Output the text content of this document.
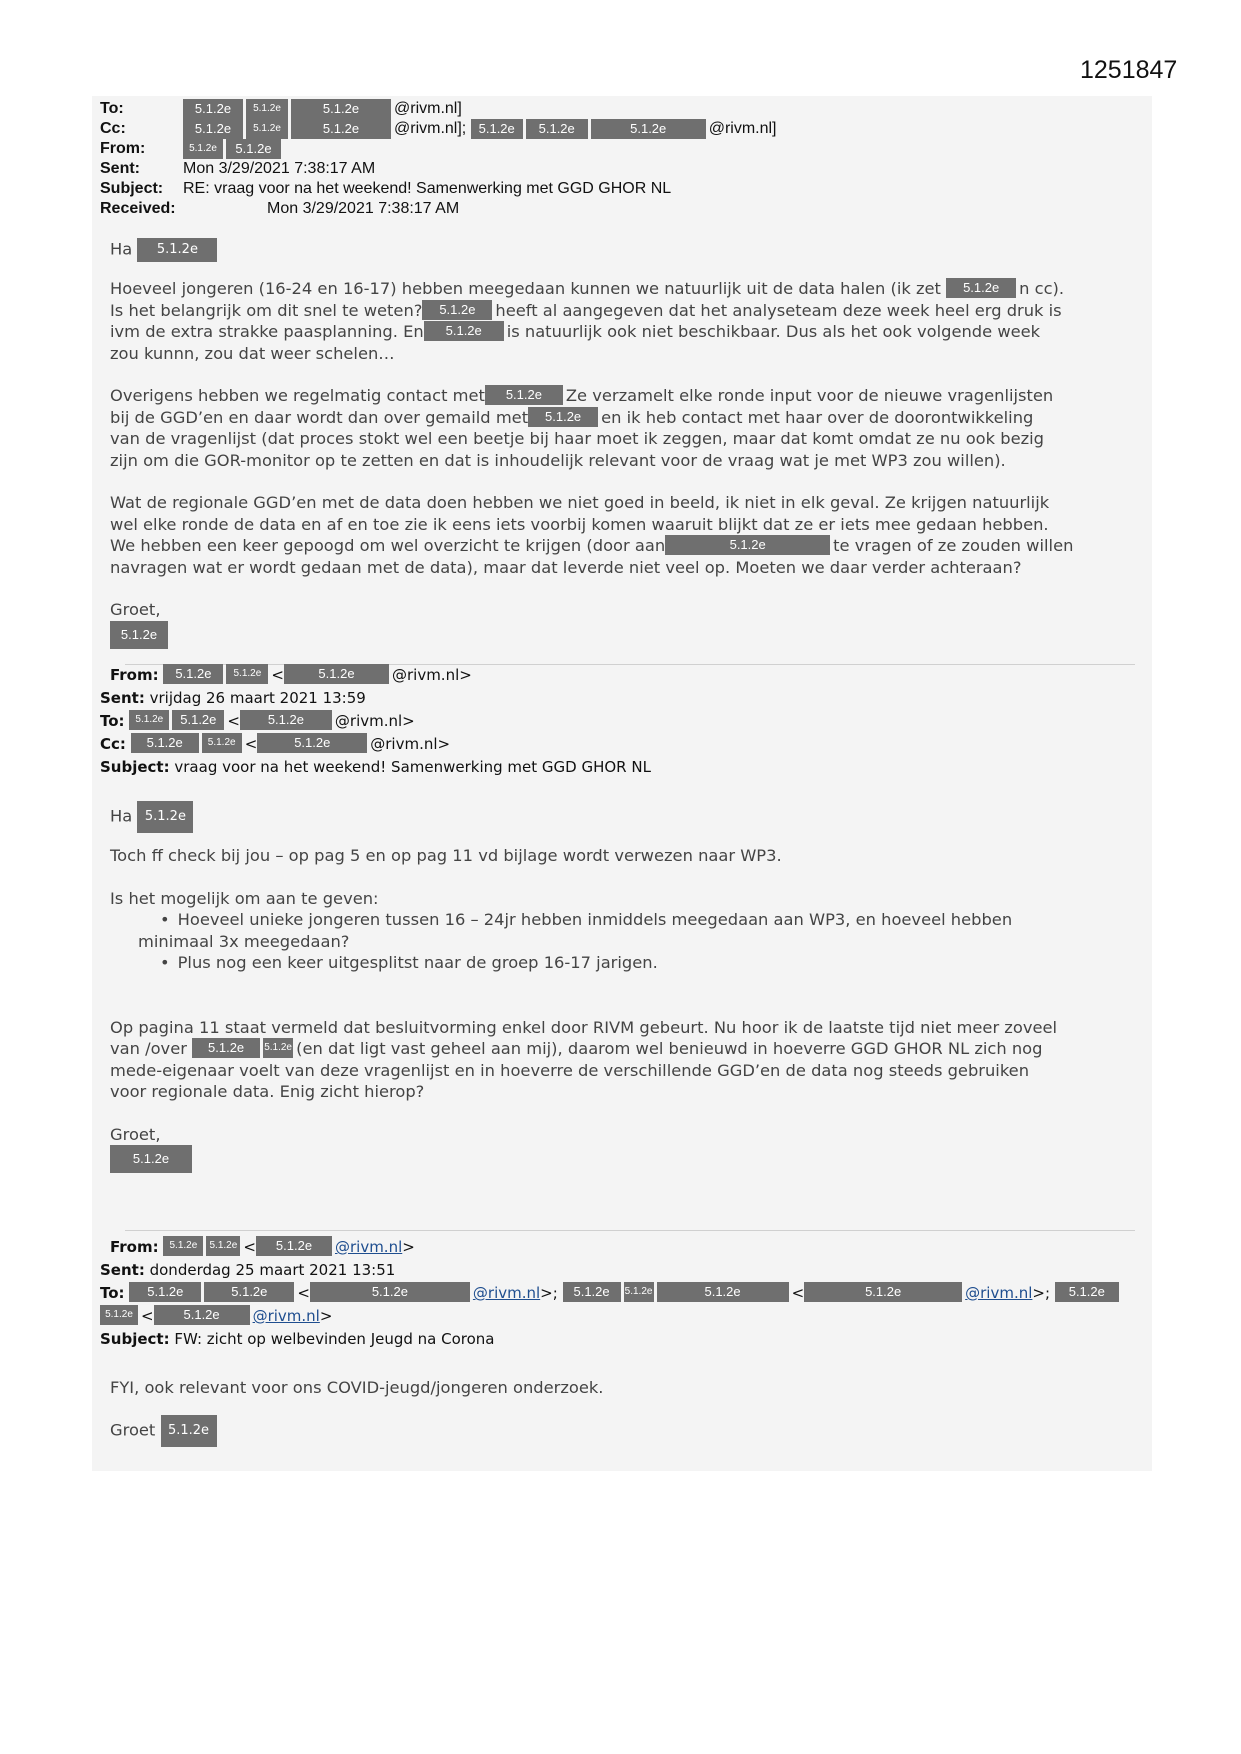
1251847
To:	5.1.2e 5.1.2e	5.1.2e @rivm.nl]
Cc:	5.1.2e 5.1.2e	5.1.2e @rivm.nl]; 5.1.2e 5.1.2e	5.1.2e	@rivm.nl]
From:	5.1.2e 5.1.2e
Sent:	Mon 3/29/2021 7:38:17 AM
Subject: RE: vraag voor na het weekend! Samenwerking met GGD GHOR NL
Received:	Mon 3/29/2021 7:38:17 AM

Ha 5.1.2e

Hoeveel jongeren (16-24 en 16-17) hebben meegedaan kunnen we natuurlijk uit de data halen (ik zet 5.1.2e n cc).
Is het belangrijk om dit snel te weten? 5.1.2e heeft al aangegeven dat het analyseteam deze week heel erg druk is
ivm de extra strakke paasplanning. En 5.1.2e is natuurlijk ook niet beschikbaar. Dus als het ook volgende week
zou kunnn, zou dat weer schelen…

Overigens hebben we regelmatig contact met 5.1.2e Ze verzamelt elke ronde input voor de nieuwe vragenlijsten
bij de GGD’en en daar wordt dan over gemaild met 5.1.2e en ik heb contact met haar over de doorontwikkeling
van de vragenlijst (dat proces stokt wel een beetje bij haar moet ik zeggen, maar dat komt omdat ze nu ook bezig
zijn om die GOR-monitor op te zetten en dat is inhoudelijk relevant voor de vraag wat je met WP3 zou willen).

Wat de regionale GGD’en met de data doen hebben we niet goed in beeld, ik niet in elk geval. Ze krijgen natuurlijk
wel elke ronde de data en af en toe zie ik eens iets voorbij komen waaruit blijkt dat ze er iets mee gedaan hebben.
We hebben een keer gepoogd om wel overzicht te krijgen (door aan	5.1.2e	te vragen of ze zouden willen
navragen wat er wordt gedaan met de data), maar dat leverde niet veel op. Moeten we daar verder achteraan?

Groet,

5.1.2e

From: 5.1.2e 5.1.2e <	5.1.2e @rivm.nl>
Sent: vrijdag 26 maart 2021 13:59
To: 5.1.2e 5.1.2e < 5.1.2e @rivm.nl>
Cc: 5.1.2e	5.1.2e <	5.1.2e	@rivm.nl>
Subject: vraag voor na het weekend! Samenwerking met GGD GHOR NL

Ha 5.1.2e

Toch ff check bij jou – op pag 5 en op pag 11 vd bijlage wordt verwezen naar WP3.

Is het mogelijk om aan te geven:

• Hoeveel unieke jongeren tussen 16 – 24jr hebben inmiddels meegedaan aan WP3, en hoeveel hebben
minimaal 3x meegedaan?
• Plus nog een keer uitgesplitst naar de groep 16-17 jarigen.

Op pagina 11 staat vermeld dat besluitvorming enkel door RIVM gebeurt. Nu hoor ik de laatste tijd niet meer zoveel
van /over 5.1.2e 5.1.2e (en dat ligt vast geheel aan mij), daarom wel benieuwd in hoeverre GGD GHOR NL zich nog
mede-eigenaar voelt van deze vragenlijst en in hoeverre de verschillende GGD’en de data nog steeds gebruiken
voor regionale data. Enig zicht hierop?

Groet,

5.1.2e

From: 5.1.2e 5.1.2e < 5.1.2e @rivm.nl>
Sent: donderdag 25 maart 2021 13:51
To: 5.1.2e	5.1.2e <	5.1.2e	@rivm.nl>; 5.1.2e 5.1.2e	5.1.2e	<	5.1.2e	@rivm.nl>; 5.1.2e
5.1.2e < 5.1.2e @rivm.nl>
Subject: FW: zicht op welbevinden Jeugd na Corona

FYI, ook relevant voor ons COVID-jeugd/jongeren onderzoek.

Groet 5.1.2e
